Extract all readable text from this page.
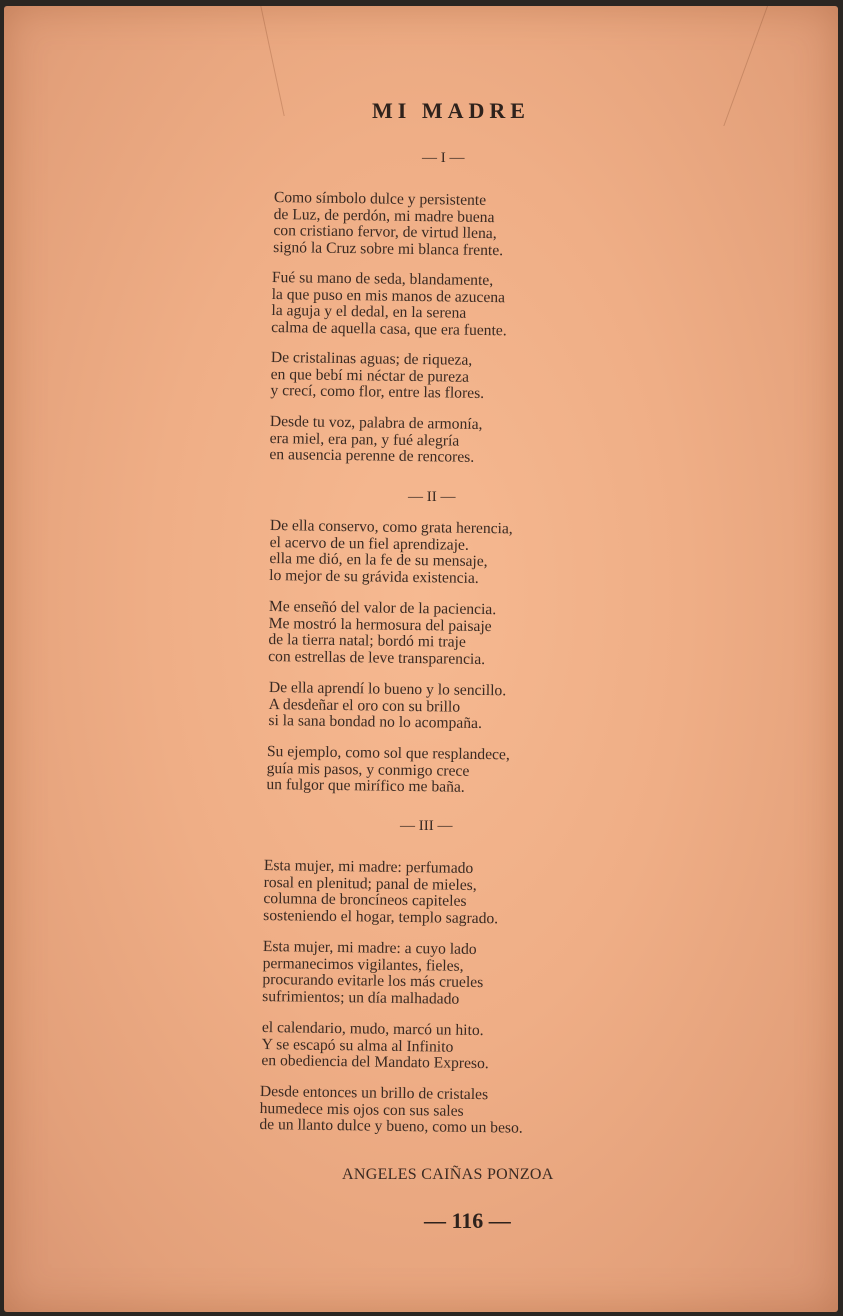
MI MADRE
— I —
Como símbolo dulce y persistente
de Luz, de perdón, mi madre buena
con cristiano fervor, de virtud llena,
signó la Cruz sobre mi blanca frente.
Fué su mano de seda, blandamente,
la que puso en mis manos de azucena
la aguja y el dedal, en la serena
calma de aquella casa, que era fuente.
De cristalinas aguas; de riqueza,
en que bebí mi néctar de pureza
y crecí, como flor, entre las flores.
Desde tu voz, palabra de armonía,
era miel, era pan, y fué alegría
en ausencia perenne de rencores.
— II —
De ella conservo, como grata herencia,
el acervo de un fiel aprendizaje.
ella me dió, en la fe de su mensaje,
lo mejor de su grávida existencia.
Me enseñó del valor de la paciencia.
Me mostró la hermosura del paisaje
de la tierra natal; bordó mi traje
con estrellas de leve transparencia.
De ella aprendí lo bueno y lo sencillo.
A desdeñar el oro con su brillo
si la sana bondad no lo acompaña.
Su ejemplo, como sol que resplandece,
guía mis pasos, y conmigo crece
un fulgor que mirífico me baña.
— III —
Esta mujer, mi madre: perfumado
rosal en plenitud; panal de mieles,
columna de broncíneos capiteles
sosteniendo el hogar, templo sagrado.
Esta mujer, mi madre: a cuyo lado
permanecimos vigilantes, fieles,
procurando evitarle los más crueles
sufrimientos; un día malhadado
el calendario, mudo, marcó un hito.
Y se escapó su alma al Infinito
en obediencia del Mandato Expreso.
Desde entonces un brillo de cristales
humedece mis ojos con sus sales
de un llanto dulce y bueno, como un beso.
ANGELES CAIÑAS PONZOA
— 116 —
